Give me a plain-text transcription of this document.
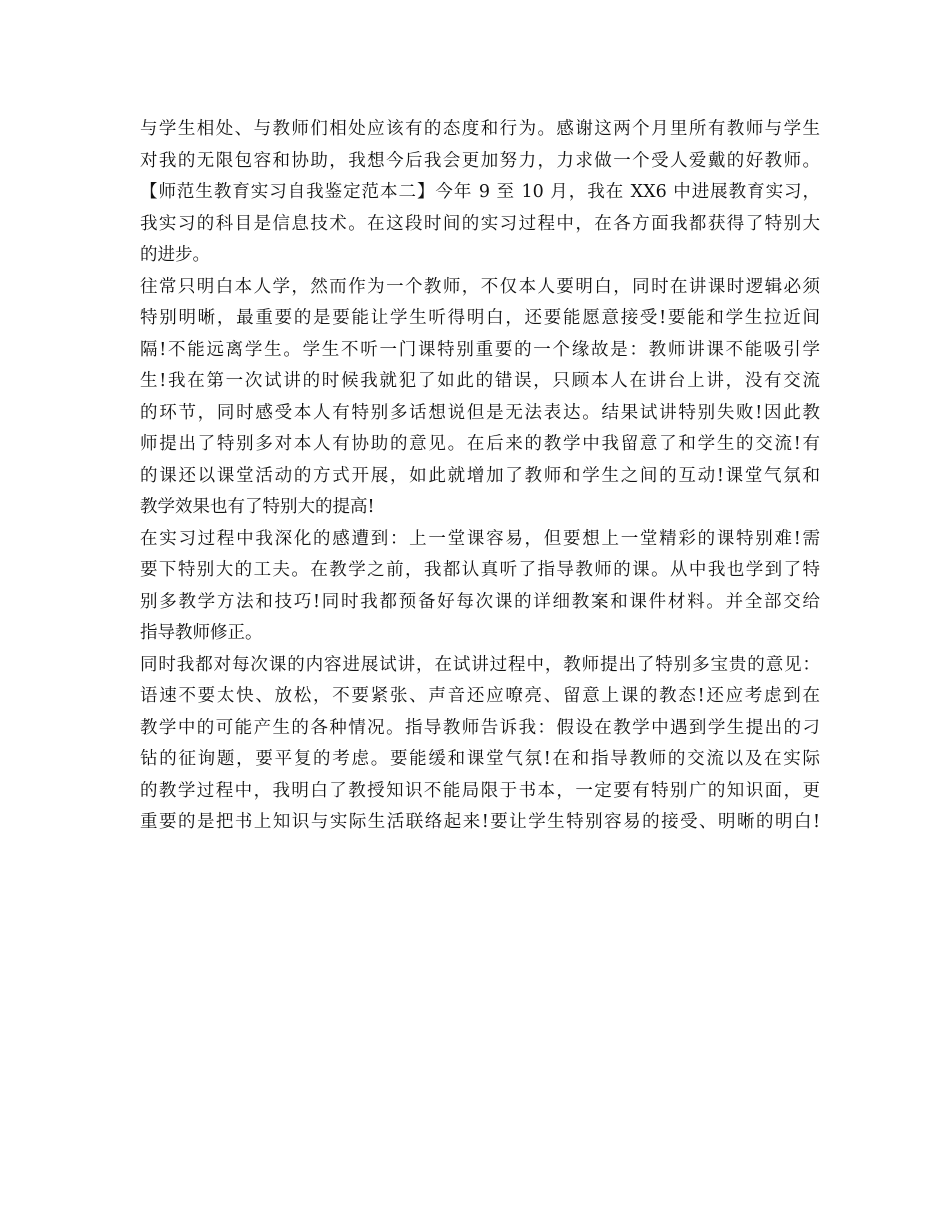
与学生相处、与教师们相处应该有的态度和行为。感谢这两个月里所有教师与学生
对我的无限包容和协助，我想今后我会更加努力，力求做一个受人爱戴的好教师。
【师范生教育实习自我鉴定范本二】今年 9 至 10 月，我在 XX6 中进展教育实习，
我实习的科目是信息技术。在这段时间的实习过程中，在各方面我都获得了特别大
的进步。
往常只明白本人学，然而作为一个教师，不仅本人要明白，同时在讲课时逻辑必须
特别明晰，最重要的是要能让学生听得明白，还要能愿意接受!要能和学生拉近间
隔!不能远离学生。学生不听一门课特别重要的一个缘故是：教师讲课不能吸引学
生!我在第一次试讲的时候我就犯了如此的错误，只顾本人在讲台上讲，没有交流
的环节，同时感受本人有特别多话想说但是无法表达。结果试讲特别失败!因此教
师提出了特别多对本人有协助的意见。在后来的教学中我留意了和学生的交流!有
的课还以课堂活动的方式开展，如此就增加了教师和学生之间的互动!课堂气氛和
教学效果也有了特别大的提高!
在实习过程中我深化的感遭到：上一堂课容易，但要想上一堂精彩的课特别难!需
要下特别大的工夫。在教学之前，我都认真听了指导教师的课。从中我也学到了特
别多教学方法和技巧!同时我都预备好每次课的详细教案和课件材料。并全部交给
指导教师修正。
同时我都对每次课的内容进展试讲，在试讲过程中，教师提出了特别多宝贵的意见：
语速不要太快、放松，不要紧张、声音还应嘹亮、留意上课的教态!还应考虑到在
教学中的可能产生的各种情况。指导教师告诉我：假设在教学中遇到学生提出的刁
钻的征询题，要平复的考虑。要能缓和课堂气氛!在和指导教师的交流以及在实际
的教学过程中，我明白了教授知识不能局限于书本，一定要有特别广的知识面，更
重要的是把书上知识与实际生活联络起来!要让学生特别容易的接受、明晰的明白!
